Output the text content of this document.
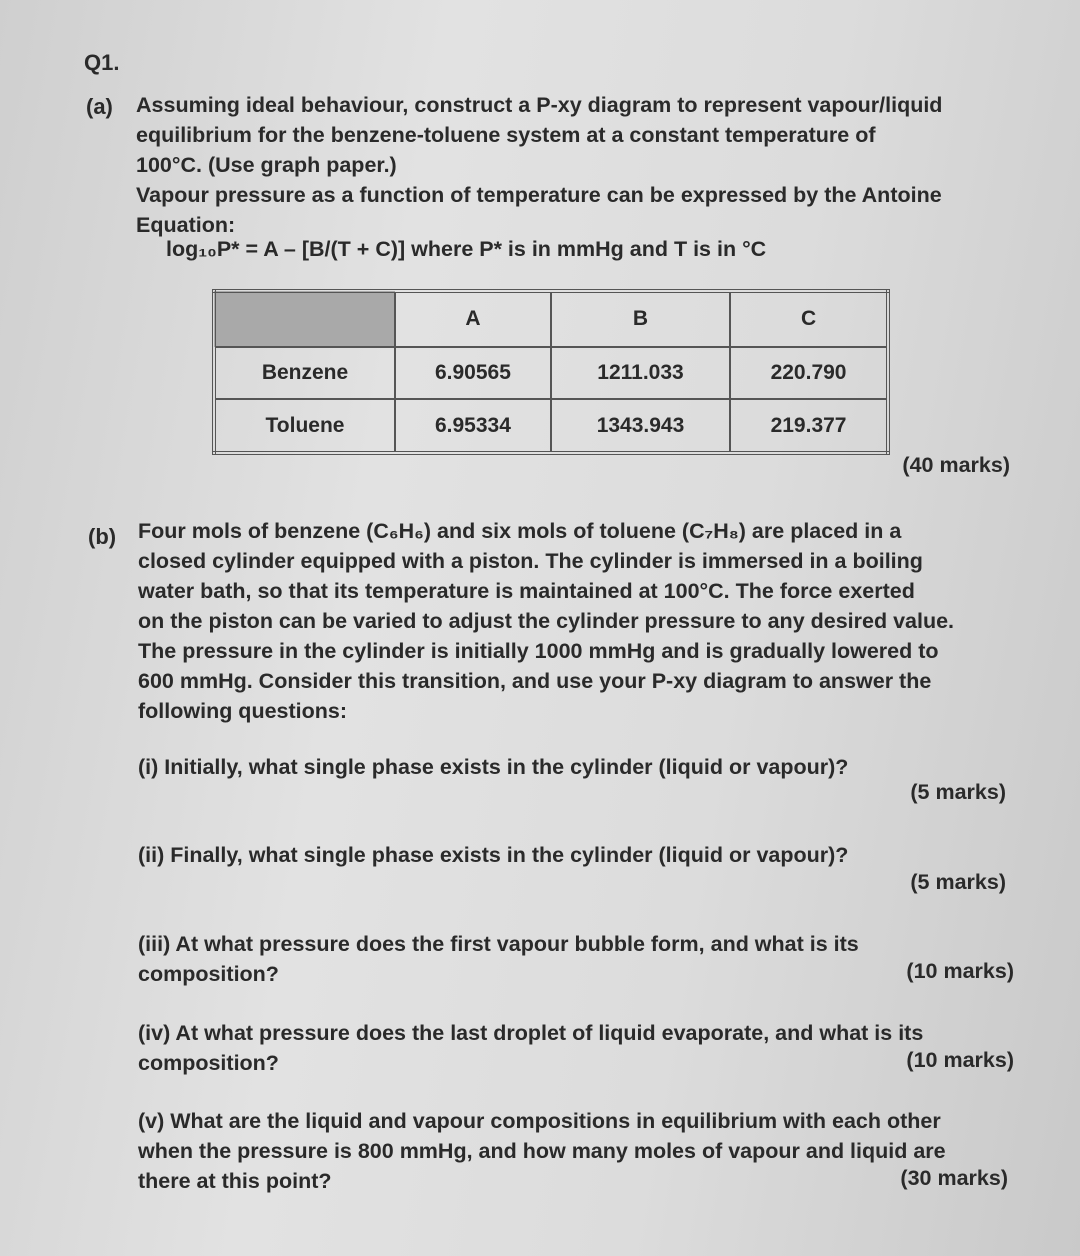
Q1.
(a) Assuming ideal behaviour, construct a P-xy diagram to represent vapour/liquid
equilibrium for the benzene-toluene system at a constant temperature of
100°C. (Use graph paper.)
Vapour pressure as a function of temperature can be expressed by the Antoine
Equation:
log₁₀P* = A – [B/(T + C)] where P* is in mmHg and T is in °C
	A	B	C
Benzene	6.90565	1211.033	220.790
Toluene	6.95334	1343.943	219.377
(40 marks)
(b) Four mols of benzene (C₆H₆) and six mols of toluene (C₇H₈) are placed in a
closed cylinder equipped with a piston. The cylinder is immersed in a boiling
water bath, so that its temperature is maintained at 100°C. The force exerted
on the piston can be varied to adjust the cylinder pressure to any desired value.
The pressure in the cylinder is initially 1000 mmHg and is gradually lowered to
600 mmHg. Consider this transition, and use your P-xy diagram to answer the
following questions:
(i) Initially, what single phase exists in the cylinder (liquid or vapour)?
(5 marks)
(ii) Finally, what single phase exists in the cylinder (liquid or vapour)?
(5 marks)
(iii) At what pressure does the first vapour bubble form, and what is its
composition?	(10 marks)
(iv) At what pressure does the last droplet of liquid evaporate, and what is its
composition?	(10 marks)
(v) What are the liquid and vapour compositions in equilibrium with each other
when the pressure is 800 mmHg, and how many moles of vapour and liquid are
there at this point?	(30 marks)
